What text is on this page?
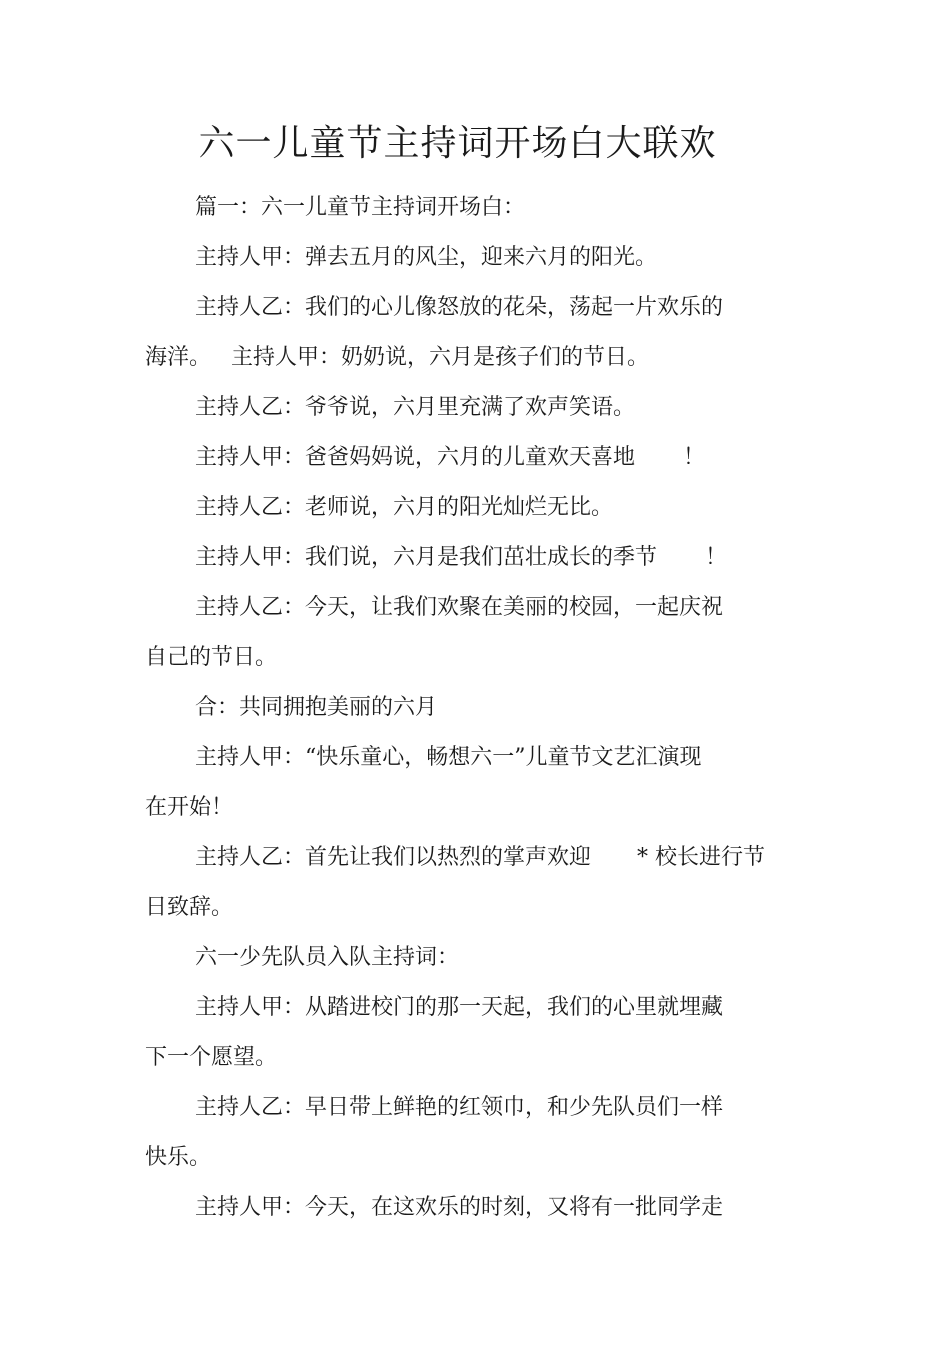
六一儿童节主持词开场白大联欢
篇一：六一儿童节主持词开场白：
主持人甲：弹去五月的风尘，迎来六月的阳光。
主持人乙：我们的心儿像怒放的花朵，荡起一片欢乐的
海洋。 主持人甲：奶奶说，六月是孩子们的节日。
主持人乙：爷爷说，六月里充满了欢声笑语。
主持人甲：爸爸妈妈说，六月的儿童欢天喜地 ！
主持人乙：老师说，六月的阳光灿烂无比。
主持人甲：我们说，六月是我们茁壮成长的季节 ！
主持人乙：今天，让我们欢聚在美丽的校园，一起庆祝
自己的节日。
合：共同拥抱美丽的六月
主持人甲：“快乐童心，畅想六一”儿童节文艺汇演现
在开始！
主持人乙：首先让我们以热烈的掌声欢迎 * 校长进行节
日致辞。
六一少先队员入队主持词：
主持人甲：从踏进校门的那一天起，我们的心里就埋藏
下一个愿望。
主持人乙：早日带上鲜艳的红领巾，和少先队员们一样
快乐。
主持人甲：今天，在这欢乐的时刻，又将有一批同学走
